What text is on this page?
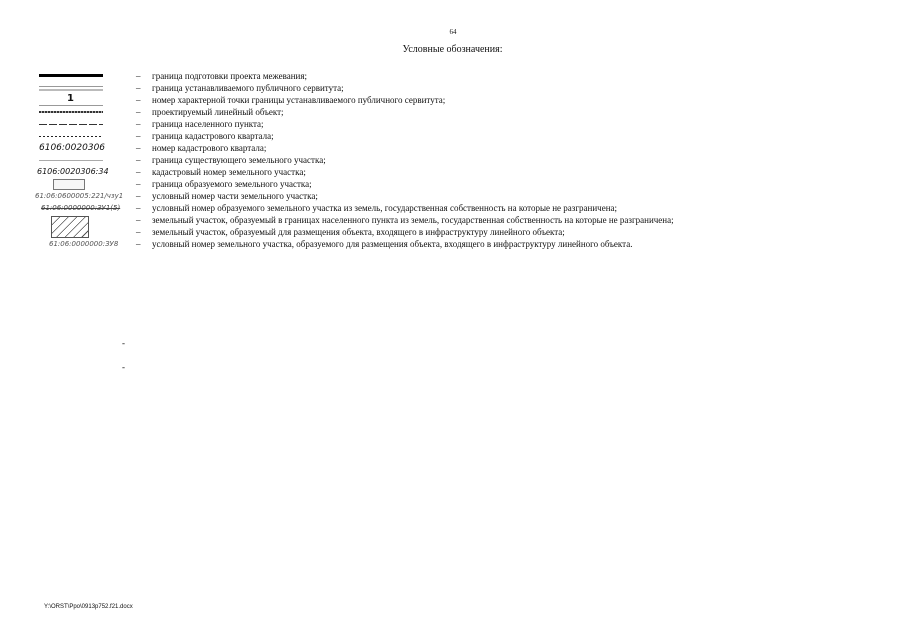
64
Условные обозначения:
– граница подготовки проекта межевания;
– граница устанавливаемого публичного сервитута;
1	– номер характерной точки границы устанавливаемого публичного сервитута;
– проектируемый линейный объект;
– граница населенного пункта;
– граница кадастрового квартала;
6106:0020306	– номер кадастрового квартала;
– граница существующего земельного участка;
6106:0020306:34	– кадастровый номер земельного участка;
– граница образуемого земельного участка;
61:06:0600005:221/чзу1 – условный номер части земельного участка;
61:06:0000000:ЗУ1(5) – условный номер образуемого земельного участка из земель, государственная собственность на которые не разграничена;
– земельный участок, образуемый в границах населенного пункта из земель, государственная собственность на которые не разграничена;
– земельный участок, образуемый для размещения объекта, входящего в инфраструктуру линейного объекта;
61:06:0000000:ЗУ8 – условный номер земельного участка, образуемого для размещения объекта, входящего в инфраструктуру линейного объекта.
-
-
Y:\ORST\Ppo\0913p752.f21.docx
